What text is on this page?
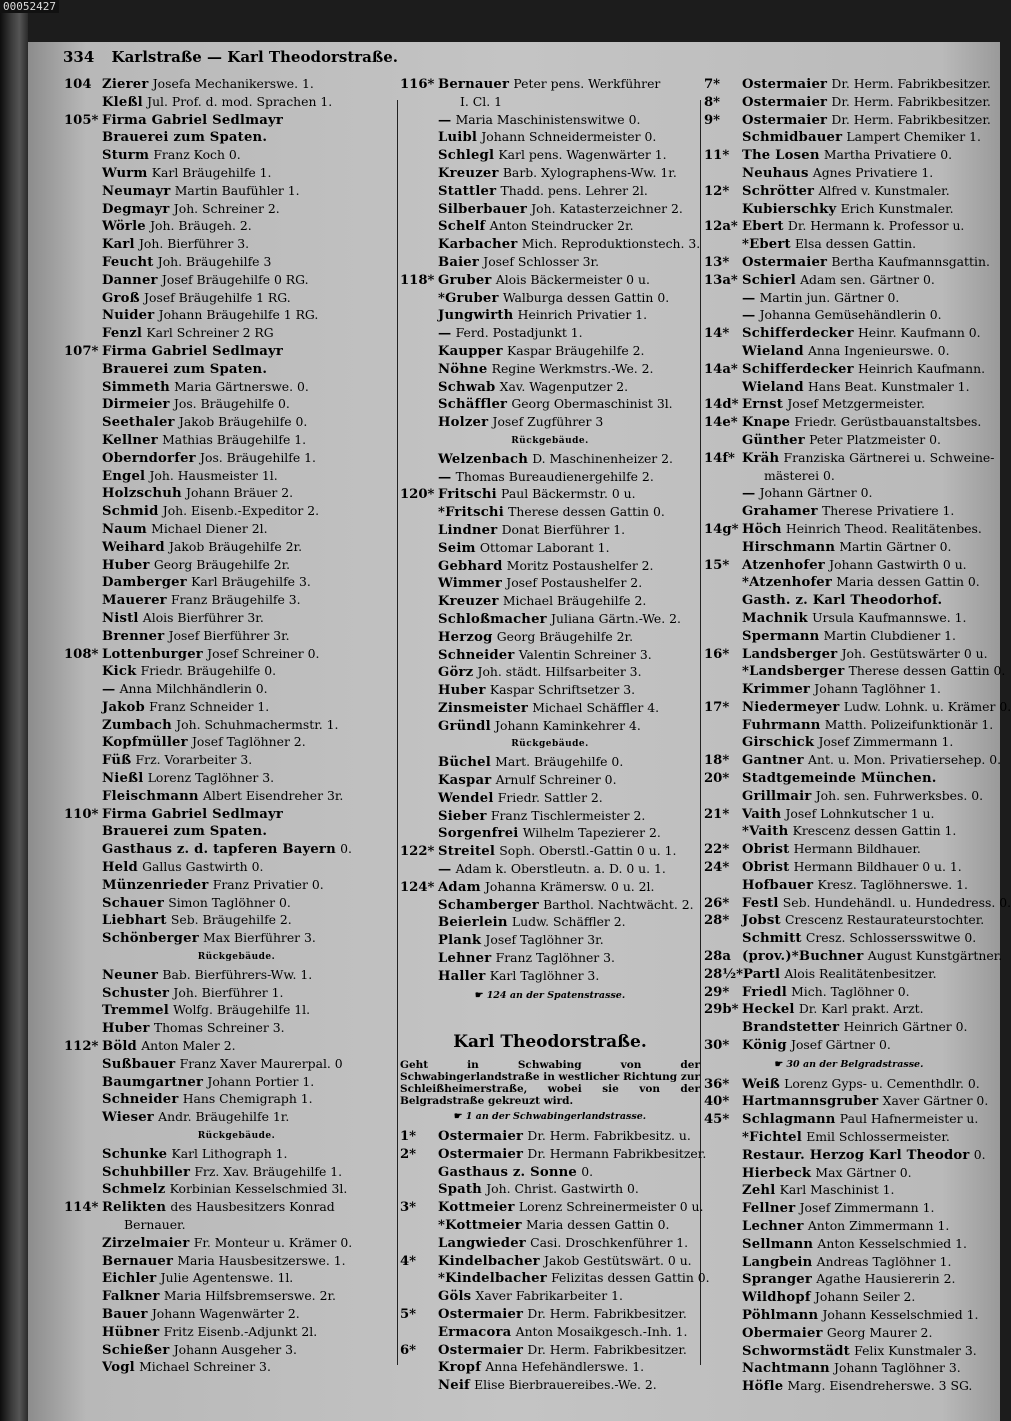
00052427
334 Karlstraße — Karl Theodorstraße.
104 Zierer Josefa Mechanikerswe. 1.
Kleßl Jul. Prof. d. mod. Sprachen 1.
105* Firma Gabriel Sedlmayr
Brauerei zum Spaten.
Sturm Franz Koch 0.
Wurm Karl Bräugehilfe 1.
Neumayr Martin Baufühler 1.
Degmayr Joh. Schreiner 2.
Wörle Joh. Bräugeh. 2.
Karl Joh. Bierführer 3.
Feucht Joh. Bräugehilfe 3
Danner Josef Bräugehilfe 0 RG.
Groß Josef Bräugehilfe 1 RG.
Nuider Johann Bräugehilfe 1 RG.
Fenzl Karl Schreiner 2 RG
107* Firma Gabriel Sedlmayr
Brauerei zum Spaten.
Simmeth Maria Gärtnerswe. 0.
Dirmeier Jos. Bräugehilfe 0.
Seethaler Jakob Bräugehilfe 0.
Kellner Mathias Bräugehilfe 1.
Oberndorfer Jos. Bräugehilfe 1.
Engel Joh. Hausmeister 1l.
Holzschuh Johann Bräuer 2.
Schmid Joh. Eisenb.-Expeditor 2.
Naum Michael Diener 2l.
Weihard Jakob Bräugehilfe 2r.
Huber Georg Bräugehilfe 2r.
Damberger Karl Bräugehilfe 3.
Mauerer Franz Bräugehilfe 3.
Nistl Alois Bierführer 3r.
Brenner Josef Bierführer 3r.
108* Lottenburger Josef Schreiner 0.
Kick Friedr. Bräugehilfe 0.
— Anna Milchhändlerin 0.
Jakob Franz Schneider 1.
Zumbach Joh. Schuhmachermstr. 1.
Kopfmüller Josef Taglöhner 2.
Füß Frz. Vorarbeiter 3.
Nießl Lorenz Taglöhner 3.
Fleischmann Albert Eisendreher 3r.
110* Firma Gabriel Sedlmayr
Brauerei zum Spaten.
Gasthaus z. d. tapferen Bayern 0.
Held Gallus Gastwirth 0.
Münzenrieder Franz Privatier 0.
Schauer Simon Taglöhner 0.
Liebhart Seb. Bräugehilfe 2.
Schönberger Max Bierführer 3.
Rückgebäude.
Neuner Bab. Bierführers-Ww. 1.
Schuster Joh. Bierführer 1.
Tremmel Wolfg. Bräugehilfe 1l.
Huber Thomas Schreiner 3.
112* Böld Anton Maler 2.
Sußbauer Franz Xaver Maurerpal. 0
Baumgartner Johann Portier 1.
Schneider Hans Chemigraph 1.
Wieser Andr. Bräugehilfe 1r.
Rückgebäude.
Schunke Karl Lithograph 1.
Schuhbiller Frz. Xav. Bräugehilfe 1.
Schmelz Korbinian Kesselschmied 3l.
114* Relikten des Hausbesitzers Konrad
Bernauer.
Zirzelmaier Fr. Monteur u. Krämer 0.
Bernauer Maria Hausbesitzerswe. 1.
Eichler Julie Agentenswe. 1l.
Falkner Maria Hilfsbremserswe. 2r.
Bauer Johann Wagenwärter 2.
Hübner Fritz Eisenb.-Adjunkt 2l.
Schießer Johann Ausgeher 3.
Vogl Michael Schreiner 3.
116* Bernauer Peter pens. Werkführer
I. Cl. 1
— Maria Maschinistenswitwe 0.
Luibl Johann Schneidermeister 0.
Schlegl Karl pens. Wagenwärter 1.
Kreuzer Barb. Xylographens-Ww. 1r.
Stattler Thadd. pens. Lehrer 2l.
Silberbauer Joh. Katasterzeichner 2.
Schelf Anton Steindrucker 2r.
Karbacher Mich. Reproduktionstech. 3.
Baier Josef Schlosser 3r.
118* Gruber Alois Bäckermeister 0 u.
*Gruber Walburga dessen Gattin 0.
Jungwirth Heinrich Privatier 1.
— Ferd. Postadjunkt 1.
Kaupper Kaspar Bräugehilfe 2.
Nöhne Regine Werkmstrs.-We. 2.
Schwab Xav. Wagenputzer 2.
Schäffler Georg Obermaschinist 3l.
Holzer Josef Zugführer 3
Rückgebäude.
Welzenbach D. Maschinenheizer 2.
— Thomas Bureaudienergehilfe 2.
120* Fritschi Paul Bäckermstr. 0 u.
*Fritschi Therese dessen Gattin 0.
Lindner Donat Bierführer 1.
Seim Ottomar Laborant 1.
Gebhard Moritz Postaushelfer 2.
Wimmer Josef Postaushelfer 2.
Kreuzer Michael Bräugehilfe 2.
Schloßmacher Juliana Gärtn.-We. 2.
Herzog Georg Bräugehilfe 2r.
Schneider Valentin Schreiner 3.
Görz Joh. städt. Hilfsarbeiter 3.
Huber Kaspar Schriftsetzer 3.
Zinsmeister Michael Schäffler 4.
Gründl Johann Kaminkehrer 4.
Rückgebäude.
Büchel Mart. Bräugehilfe 0.
Kaspar Arnulf Schreiner 0.
Wendel Friedr. Sattler 2.
Sieber Franz Tischlermeister 2.
Sorgenfrei Wilhelm Tapezierer 2.
122* Streitel Soph. Oberstl.-Gattin 0 u. 1.
— Adam k. Oberstleutn. a. D. 0 u. 1.
124* Adam Johanna Krämersw. 0 u. 2l.
Schamberger Barthol. Nachtwächt. 2.
Beierlein Ludw. Schäffler 2.
Plank Josef Taglöhner 3r.
Lehner Franz Taglöhner 3.
Haller Karl Taglöhner 3.
☛ 124 an der Spatenstrasse.
Karl Theodorstraße.
Geht in Schwabing von der Schwabingerlandstraße in westlicher Richtung zur Schleißheimerstraße, wobei sie von der Belgradstraße gekreuzt wird.
☛ 1 an der Schwabingerlandstrasse.
1* Ostermaier Dr. Herm. Fabrikbesitz. u.
2* Ostermaier Dr. Hermann Fabrikbesitzer.
Gasthaus z. Sonne 0.
Spath Joh. Christ. Gastwirth 0.
3* Kottmeier Lorenz Schreinermeister 0 u.
*Kottmeier Maria dessen Gattin 0.
Langwieder Casi. Droschkenführer 1.
4* Kindelbacher Jakob Gestütswärt. 0 u.
*Kindelbacher Felizitas dessen Gattin 0.
Göls Xaver Fabrikarbeiter 1.
5* Ostermaier Dr. Herm. Fabrikbesitzer.
Ermacora Anton Mosaikgesch.-Inh. 1.
6* Ostermaier Dr. Herm. Fabrikbesitzer.
Kropf Anna Hefehändlerswe. 1.
Neif Elise Bierbrauereibes.-We. 2.
7* Ostermaier Dr. Herm. Fabrikbesitzer.
8* Ostermaier Dr. Herm. Fabrikbesitzer.
9* Ostermaier Dr. Herm. Fabrikbesitzer.
Schmidbauer Lampert Chemiker 1.
11* The Losen Martha Privatiere 0.
Neuhaus Agnes Privatiere 1.
12* Schrötter Alfred v. Kunstmaler.
Kubierschky Erich Kunstmaler.
12a* Ebert Dr. Hermann k. Professor u.
*Ebert Elsa dessen Gattin.
13* Ostermaier Bertha Kaufmannsgattin.
13a* Schierl Adam sen. Gärtner 0.
— Martin jun. Gärtner 0.
— Johanna Gemüsehändlerin 0.
14* Schifferdecker Heinr. Kaufmann 0.
Wieland Anna Ingenieurswe. 0.
14a* Schifferdecker Heinrich Kaufmann.
Wieland Hans Beat. Kunstmaler 1.
14d* Ernst Josef Metzgermeister.
14e* Knape Friedr. Gerüstbauanstaltsbes.
Günther Peter Platzmeister 0.
14f* Kräh Franziska Gärtnerei u. Schweine-
mästerei 0.
— Johann Gärtner 0.
Grahamer Therese Privatiere 1.
14g* Höch Heinrich Theod. Realitätenbes.
Hirschmann Martin Gärtner 0.
15* Atzenhofer Johann Gastwirth 0 u.
*Atzenhofer Maria dessen Gattin 0.
Gasth. z. Karl Theodorhof.
Machnik Ursula Kaufmannswe. 1.
Spermann Martin Clubdiener 1.
16* Landsberger Joh. Gestütswärter 0 u.
*Landsberger Therese dessen Gattin 0.
Krimmer Johann Taglöhner 1.
17* Niedermeyer Ludw. Lohnk. u. Krämer 0.
Fuhrmann Matth. Polizeifunktionär 1.
Girschick Josef Zimmermann 1.
18* Gantner Ant. u. Mon. Privatiersehep. 0.
20* Stadtgemeinde München.
Grillmair Joh. sen. Fuhrwerksbes. 0.
21* Vaith Josef Lohnkutscher 1 u.
*Vaith Krescenz dessen Gattin 1.
22* Obrist Hermann Bildhauer.
24* Obrist Hermann Bildhauer 0 u. 1.
Hofbauer Kresz. Taglöhnerswe. 1.
26* Festl Seb. Hundehändl. u. Hundedress. 0.
28* Jobst Crescenz Restaurateurstochter.
Schmitt Cresz. Schlossersswitwe 0.
28a (prov.)*Buchner August Kunstgärtner.
28½*Partl Alois Realitätenbesitzer.
29* Friedl Mich. Taglöhner 0.
29b* Heckel Dr. Karl prakt. Arzt.
Brandstetter Heinrich Gärtner 0.
30* König Josef Gärtner 0.
☛ 30 an der Belgradstrasse.
36* Weiß Lorenz Gyps- u. Cementhdlr. 0.
40* Hartmannsgruber Xaver Gärtner 0.
45* Schlagmann Paul Hafnermeister u.
*Fichtel Emil Schlossermeister.
Restaur. Herzog Karl Theodor 0.
Hierbeck Max Gärtner 0.
Zehl Karl Maschinist 1.
Fellner Josef Zimmermann 1.
Lechner Anton Zimmermann 1.
Sellmann Anton Kesselschmied 1.
Langbein Andreas Taglöhner 1.
Spranger Agathe Hausiererin 2.
Wildhopf Johann Seiler 2.
Pöhlmann Johann Kesselschmied 1.
Obermaier Georg Maurer 2.
Schwormstädt Felix Kunstmaler 3.
Nachtmann Johann Taglöhner 3.
Höfle Marg. Eisendreherswe. 3 SG.
